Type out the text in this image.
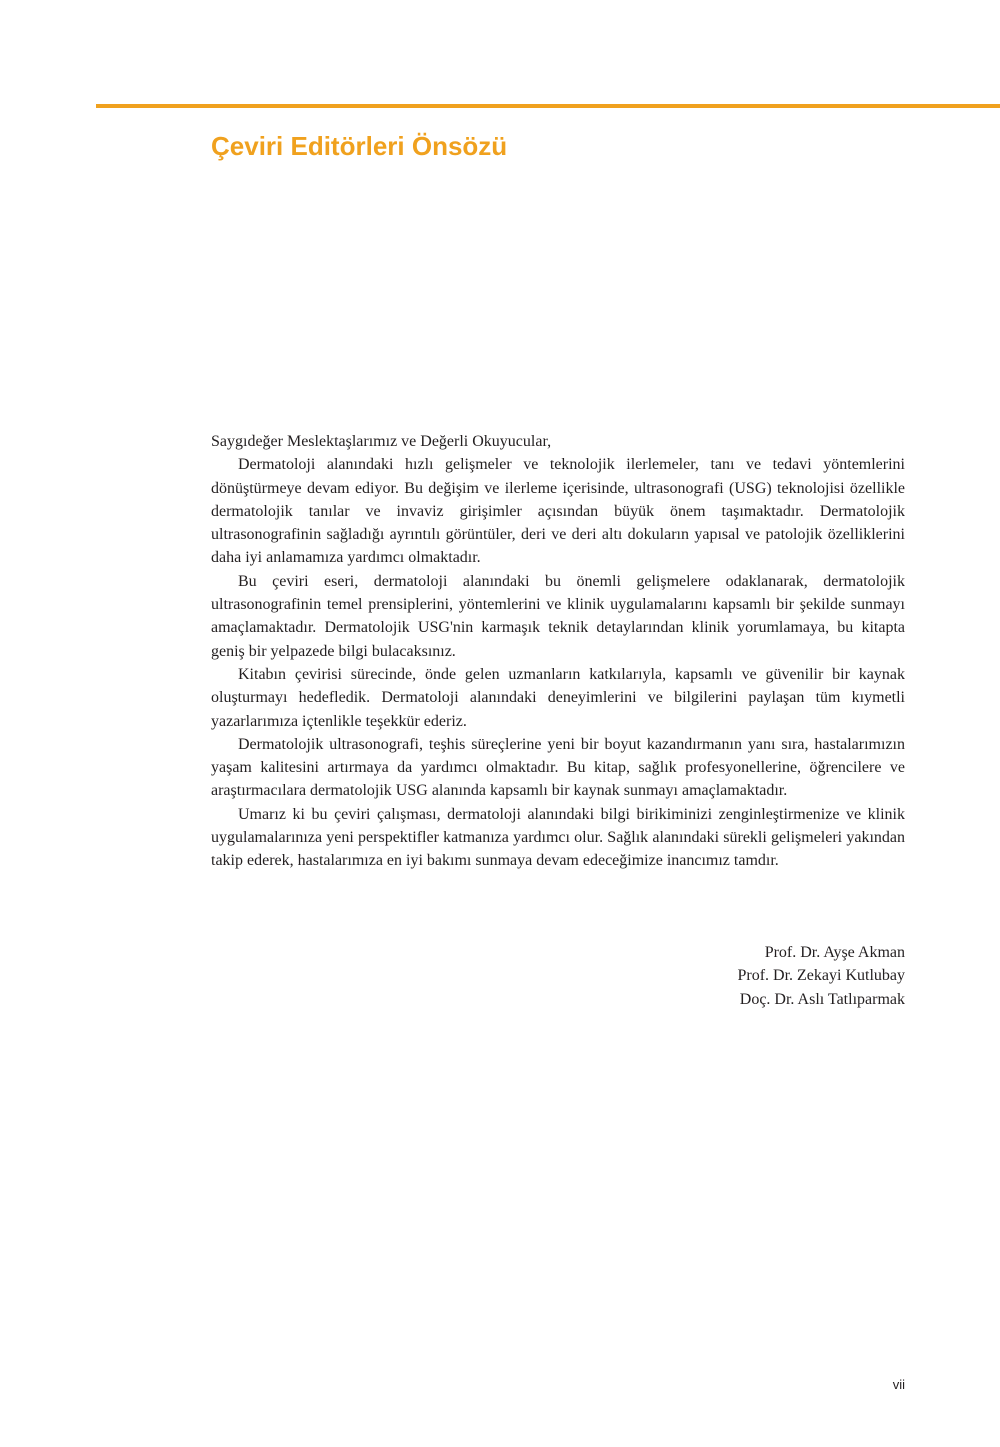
Çeviri Editörleri Önsözü

Saygıdeğer Meslektaşlarımız ve Değerli Okuyucular,

Dermatoloji alanındaki hızlı gelişmeler ve teknolojik ilerlemeler, tanı ve tedavi yöntemlerini dönüştürmeye devam ediyor. Bu değişim ve ilerleme içerisinde, ultrasonografi (USG) teknolojisi özellikle dermatolojik tanılar ve invaviz girişimler açısından büyük önem taşımaktadır. Dermatolojik ultrasonografinin sağladığı ayrıntılı görüntüler, deri ve deri altı dokuların yapısal ve patolojik özelliklerini daha iyi anlamamıza yardımcı olmaktadır.

Bu çeviri eseri, dermatoloji alanındaki bu önemli gelişmelere odaklanarak, dermatolojik ultrasonografinin temel prensiplerini, yöntemlerini ve klinik uygulamalarını kapsamlı bir şekilde sunmayı amaçlamaktadır. Dermatolojik USG'nin karmaşık teknik detaylarından klinik yorumlamaya, bu kitapta geniş bir yelpazede bilgi bulacaksınız.

Kitabın çevirisi sürecinde, önde gelen uzmanların katkılarıyla, kapsamlı ve güvenilir bir kaynak oluşturmayı hedefledik. Dermatoloji alanındaki deneyimlerini ve bilgilerini paylaşan tüm kıymetli yazarlarımıza içtenlikle teşekkür ederiz.

Dermatolojik ultrasonografi, teşhis süreçlerine yeni bir boyut kazandırmanın yanı sıra, hastalarımızın yaşam kalitesini artırmaya da yardımcı olmaktadır. Bu kitap, sağlık profesyonellerine, öğrencilere ve araştırmacılara dermatolojik USG alanında kapsamlı bir kaynak sunmayı amaçlamaktadır.

Umarız ki bu çeviri çalışması, dermatoloji alanındaki bilgi birikiminizi zenginleştirmenize ve klinik uygulamalarınıza yeni perspektifler katmanıza yardımcı olur. Sağlık alanındaki sürekli gelişmeleri yakından takip ederek, hastalarımıza en iyi bakımı sunmaya devam edeceğimize inancımız tamdır.

Prof. Dr. Ayşe Akman
Prof. Dr. Zekayi Kutlubay
Doç. Dr. Aslı Tatlıparmak
vii
